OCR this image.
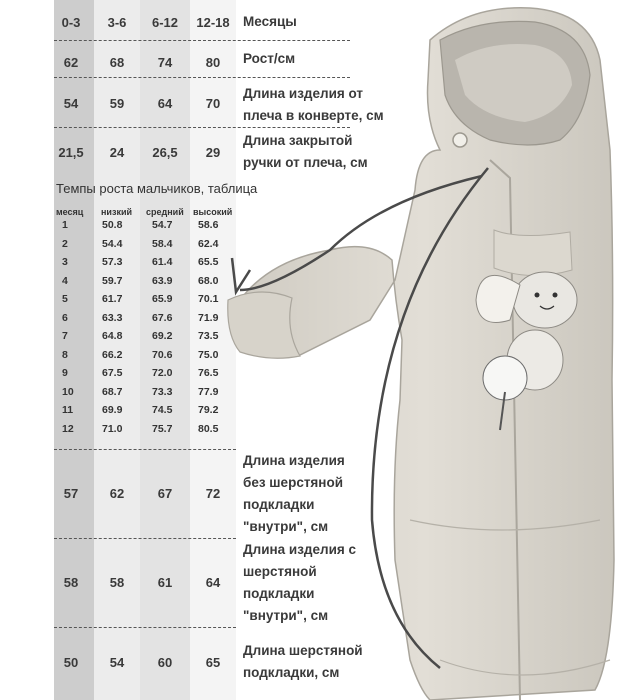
0-3	3-6	6-12	12-18 Месяцы
62	68	74	80	Рост/см
54	59	64	70
Длина изделия от
плеча в конверте, см
21,5	24	26,5	29
Длина закрытой
ручки от плеча, см
Темпы роста мальчиков, таблица
месяц низкий средний высокий
1	50.8	54.7 58.6
2	54.4	58.4 62.4
3	57.3	61.4 65.5
4	59.7	63.9 68.0
5	61.7	65.9 70.1
6	63.3	67.6 71.9
7	64.8	69.2 73.5
8	66.2	70.6 75.0
9	67.5	72.0 76.5
10	68.7	73.3 77.9
11	69.9	74.5 79.2
12	71.0	75.7 80.5
57	62	67	72
Длина изделия
без шерстяной
подкладки
"внутри", см
58	58	61	64
Длина изделия с
шерстяной
подкладки
"внутри", см
50	54	60	65
Длина шерстяной
подкладки, см
